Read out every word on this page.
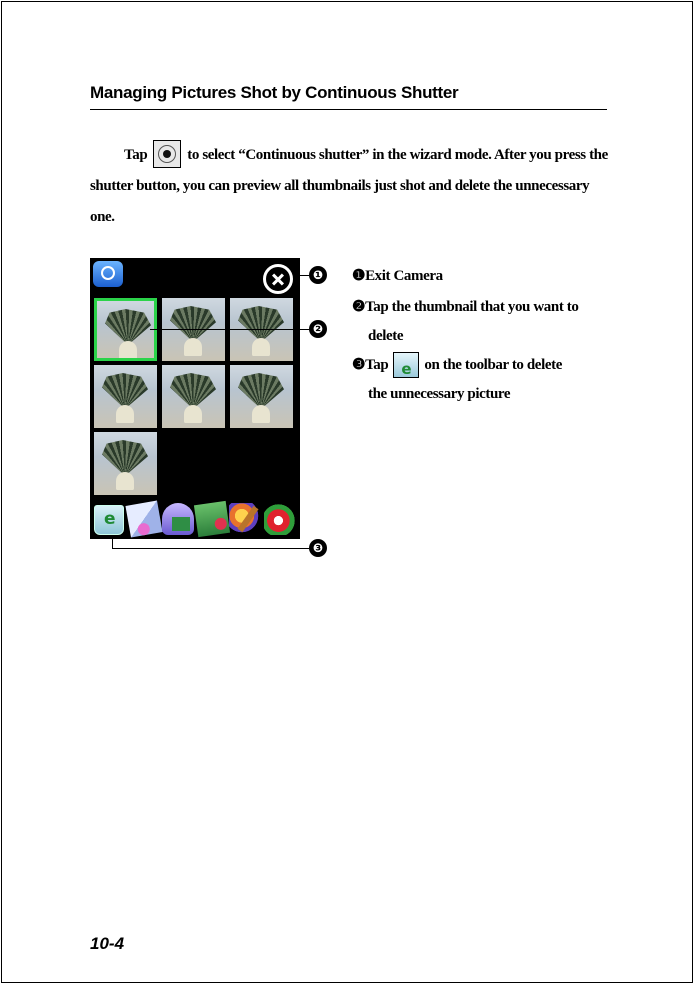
Managing Pictures Shot by Continuous Shutter
Tap	to select “Continuous shutter” in the wizard mode. After you press the shutter button, you can preview all thumbnails just shot and delete the unnecessary one.
e
❶
❷
❸
❶Exit Camera
❷Tap the thumbnail that you want to
delete
❸Tape on the toolbar to delete
the unnecessary picture
10-4
